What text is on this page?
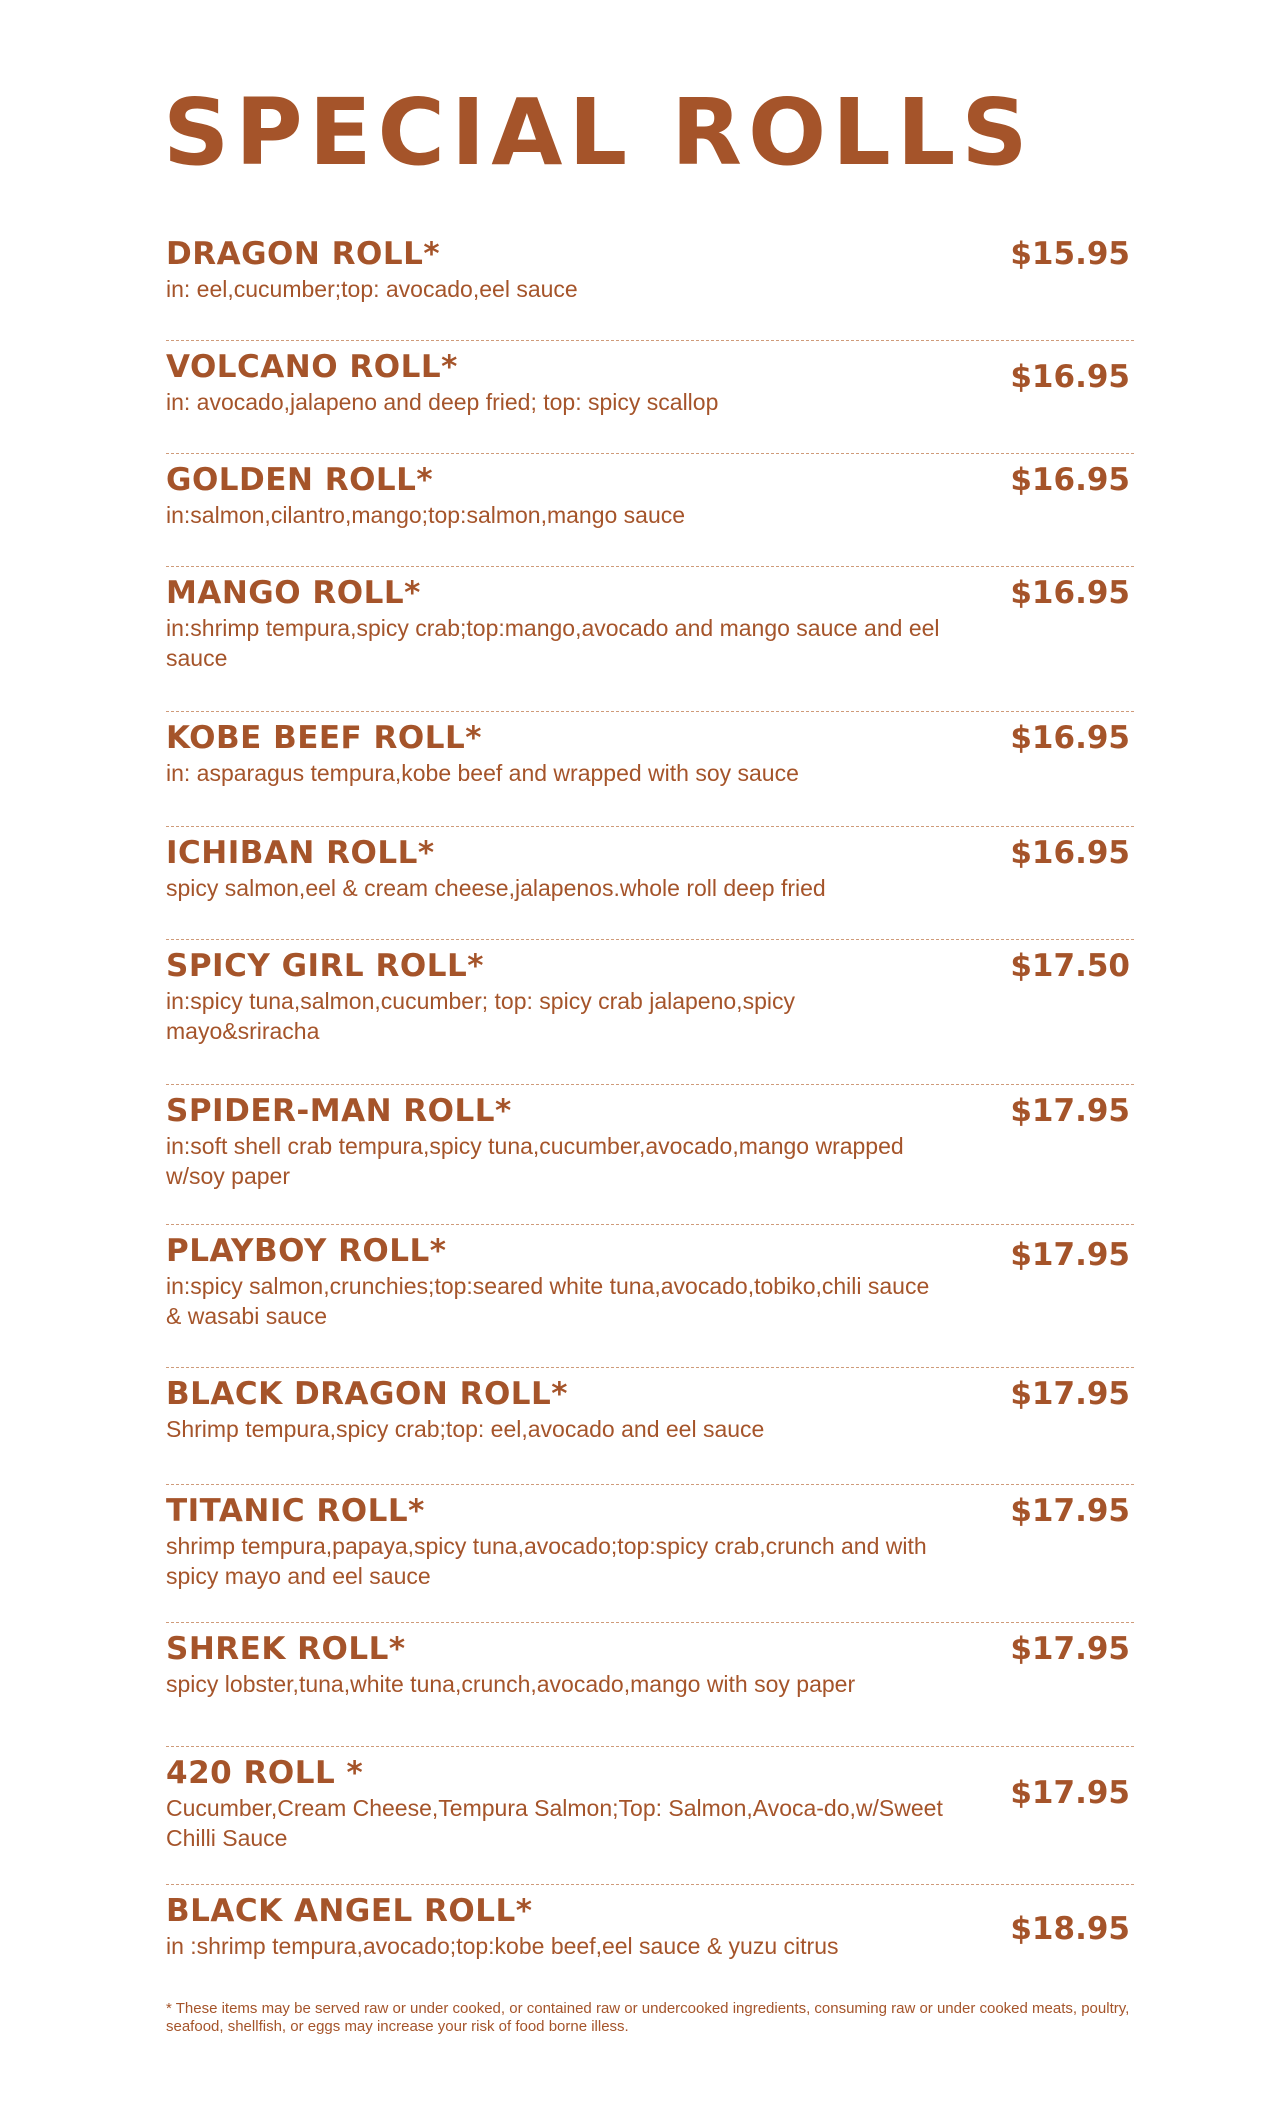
SPECIAL ROLLS
DRAGON ROLL*
in: eel,cucumber;top: avocado,eel sauce
$15.95
VOLCANO ROLL*
in: avocado,jalapeno and deep fried; top: spicy scallop
$16.95
GOLDEN ROLL*
in:salmon,cilantro,mango;top:salmon,mango sauce
$16.95
MANGO ROLL*
in:shrimp tempura,spicy crab;top:mango,avocado and mango sauce and eel sauce
$16.95
KOBE BEEF ROLL*
in: asparagus tempura,kobe beef and wrapped with soy sauce
$16.95
ICHIBAN ROLL*
spicy salmon,eel & cream cheese,jalapenos.whole roll deep fried
$16.95
SPICY GIRL ROLL*
in:spicy tuna,salmon,cucumber; top: spicy crab jalapeno,spicy mayo&sriracha
$17.50
SPIDER-MAN ROLL*
in:soft shell crab tempura,spicy tuna,cucumber,avocado,mango wrapped w/soy paper
$17.95
PLAYBOY ROLL*
in:spicy salmon,crunchies;top:seared white tuna,avocado,tobiko,chili sauce & wasabi sauce
$17.95
BLACK DRAGON ROLL*
Shrimp tempura,spicy crab;top: eel,avocado and eel sauce
$17.95
TITANIC ROLL*
shrimp tempura,papaya,spicy tuna,avocado;top:spicy crab,crunch and with spicy mayo and eel sauce
$17.95
SHREK ROLL*
spicy lobster,tuna,white tuna,crunch,avocado,mango with soy paper
$17.95
420 ROLL *
Cucumber,Cream Cheese,Tempura Salmon;Top: Salmon,Avoca-do,w/Sweet Chilli Sauce
$17.95
BLACK ANGEL ROLL*
in :shrimp tempura,avocado;top:kobe beef,eel sauce & yuzu citrus	$18.95

* These items may be served raw or under cooked, or contained raw or undercooked ingredients, consuming raw or under cooked meats, poultry, seafood, shellfish, or eggs may increase your risk of food borne illess.
